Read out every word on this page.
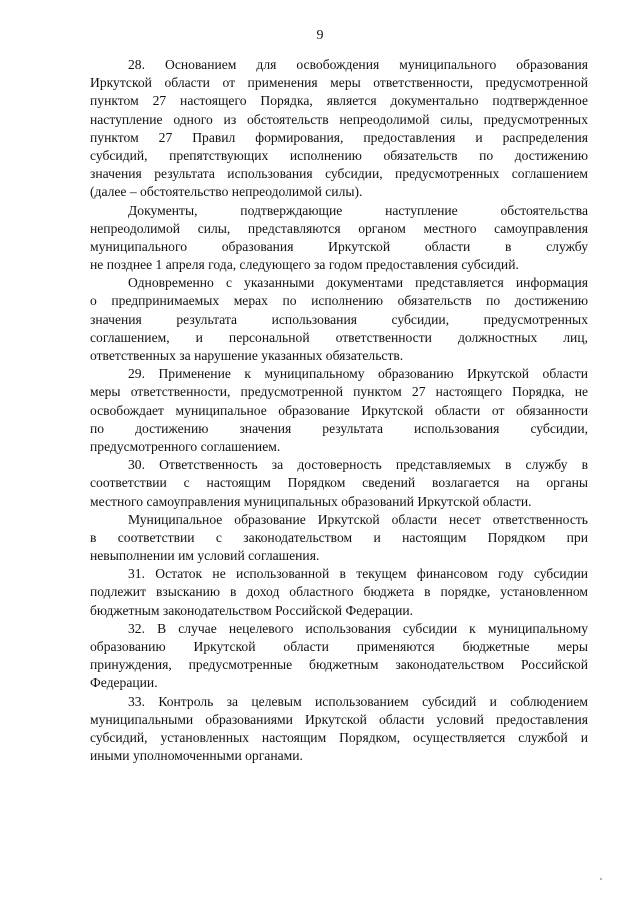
9
28. Основанием для освобождения муниципального образования
Иркутской области от применения меры ответственности, предусмотренной
пунктом 27 настоящего Порядка, является документально подтвержденное
наступление одного из обстоятельств непреодолимой силы, предусмотренных
пунктом 27 Правил формирования, предоставления и распределения
субсидий, препятствующих исполнению обязательств по достижению
значения результата использования субсидии, предусмотренных соглашением
(далее – обстоятельство непреодолимой силы).
Документы, подтверждающие наступление обстоятельства
непреодолимой силы, представляются органом местного самоуправления
муниципального образования Иркутской области в службу
не позднее 1 апреля года, следующего за годом предоставления субсидий.
Одновременно с указанными документами представляется информация
о предпринимаемых мерах по исполнению обязательств по достижению
значения результата использования субсидии, предусмотренных
соглашением, и персональной ответственности должностных лиц,
ответственных за нарушение указанных обязательств.
29. Применение к муниципальному образованию Иркутской области
меры ответственности, предусмотренной пунктом 27 настоящего Порядка, не
освобождает муниципальное образование Иркутской области от обязанности
по достижению значения результата использования субсидии,
предусмотренного соглашением.
30. Ответственность за достоверность представляемых в службу в
соответствии с настоящим Порядком сведений возлагается на органы
местного самоуправления муниципальных образований Иркутской области.
Муниципальное образование Иркутской области несет ответственность
в соответствии с законодательством и настоящим Порядком при
невыполнении им условий соглашения.
31. Остаток не использованной в текущем финансовом году субсидии
подлежит взысканию в доход областного бюджета в порядке, установленном
бюджетным законодательством Российской Федерации.
32. В случае нецелевого использования субсидии к муниципальному
образованию Иркутской области применяются бюджетные меры
принуждения, предусмотренные бюджетным законодательством Российской
Федерации.
33. Контроль за целевым использованием субсидий и соблюдением
муниципальными образованиями Иркутской области условий предоставления
субсидий, установленных настоящим Порядком, осуществляется службой и
иными уполномоченными органами.
